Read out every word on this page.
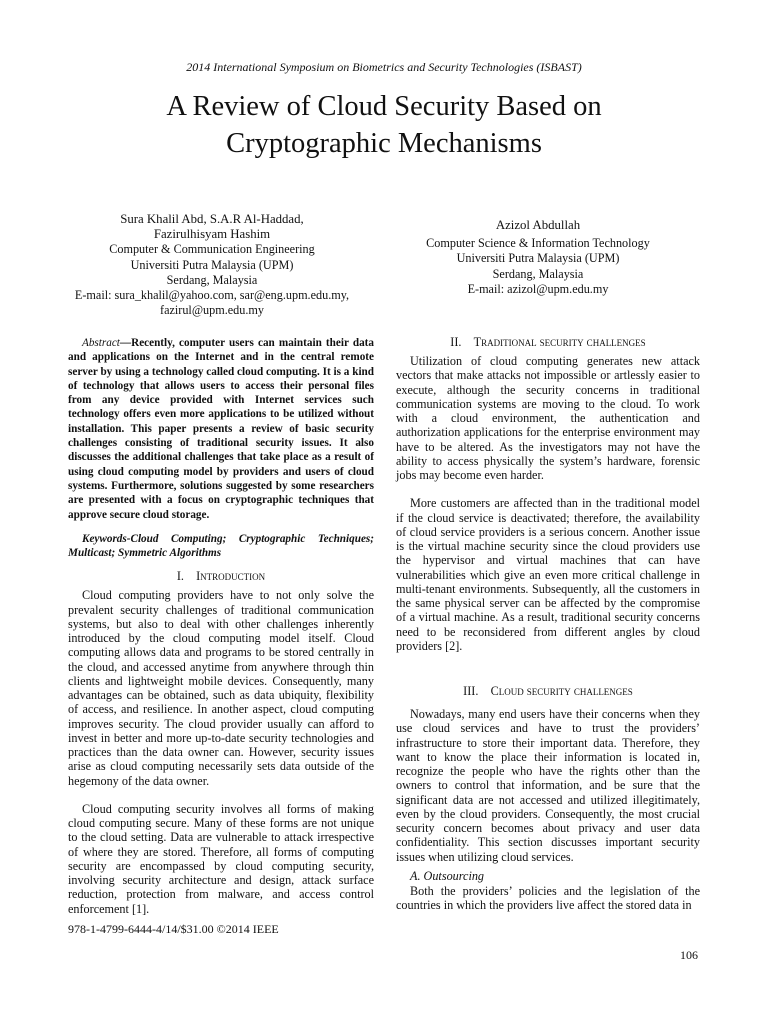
2014 International Symposium on Biometrics and Security Technologies (ISBAST)
A Review of Cloud Security Based on
Cryptographic Mechanisms
Sura Khalil Abd, S.A.R Al-Haddad,
Fazirulhisyam Hashim
Computer & Communication Engineering
Universiti Putra Malaysia (UPM)
Serdang, Malaysia
E-mail: sura_khalil@yahoo.com, sar@eng.upm.edu.my,
fazirul@upm.edu.my
Azizol Abdullah
Computer Science & Information Technology
Universiti Putra Malaysia (UPM)
Serdang, Malaysia
E-mail: azizol@upm.edu.my

Abstract—Recently, computer users can maintain their data and applications on the Internet and in the central remote server by using a technology called cloud computing. It is a kind of technology that allows users to access their personal files from any device provided with Internet services such technology offers even more applications to be utilized without installation. This paper presents a review of basic security challenges consisting of traditional security issues. It also discusses the additional challenges that take place as a result of using cloud computing model by providers and users of cloud systems. Furthermore, solutions suggested by some researchers are presented with a focus on cryptographic techniques that approve secure cloud storage.

Keywords-Cloud Computing; Cryptographic Techniques; Multicast; Symmetric Algorithms

I. Introduction

Cloud computing providers have to not only solve the prevalent security challenges of traditional communication systems, but also to deal with other challenges inherently introduced by the cloud computing model itself. Cloud computing allows data and programs to be stored centrally in the cloud, and accessed anytime from anywhere through thin clients and lightweight mobile devices. Consequently, many advantages can be obtained, such as data ubiquity, flexibility of access, and resilience. In another aspect, cloud computing improves security. The cloud provider usually can afford to invest in better and more up-to-date security technologies and practices than the data owner can. However, security issues arise as cloud computing necessarily sets data outside of the hegemony of the data owner.

Cloud computing security involves all forms of making cloud computing secure. Many of these forms are not unique to the cloud setting. Data are vulnerable to attack irrespective of where they are stored. Therefore, all forms of computing security are encompassed by cloud computing security, involving security architecture and design, attack surface reduction, protection from malware, and access control enforcement [1].

II. Traditional security challenges

Utilization of cloud computing generates new attack vectors that make attacks not impossible or artlessly easier to execute, although the security concerns in traditional communication systems are moving to the cloud. To work with a cloud environment, the authentication and authorization applications for the enterprise environment may have to be altered. As the investigators may not have the ability to access physically the system’s hardware, forensic jobs may become even harder.

More customers are affected than in the traditional model if the cloud service is deactivated; therefore, the availability of cloud service providers is a serious concern. Another issue is the virtual machine security since the cloud providers use the hypervisor and virtual machines that can have vulnerabilities which give an even more critical challenge in multi-tenant environments. Subsequently, all the customers in the same physical server can be affected by the compromise of a virtual machine. As a result, traditional security concerns need to be reconsidered from different angles by cloud providers [2].

III. Cloud security challenges

Nowadays, many end users have their concerns when they use cloud services and have to trust the providers’ infrastructure to store their important data. Therefore, they want to know the place their information is located in, recognize the people who have the rights other than the owners to control that information, and be sure that the significant data are not accessed and utilized illegitimately, even by the cloud providers. Consequently, the most crucial security concern becomes about privacy and user data confidentiality. This section discusses important security issues when utilizing cloud services.

A. Outsourcing

Both the providers’ policies and the legislation of the countries in which the providers live affect the stored data in

978-1-4799-6444-4/14/$31.00 ©2014 IEEE
106
